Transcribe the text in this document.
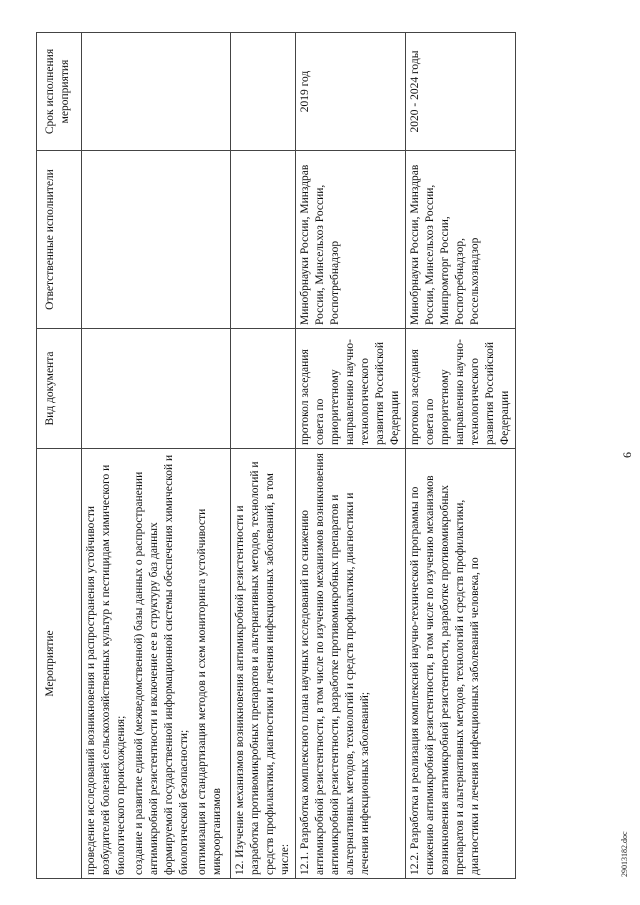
Мероприятие	Вид документа	Ответственные исполнители	Срок исполнения мероприятия

проведение исследований возникновения и распространения устойчивости возбудителей болезней сельскохозяйственных культур к пестицидам химического и биологического происхождения; создание и развитие единой (межведомственной) базы данных о распространении антимикробной резистентности и включение ее в структуру баз данных формируемой государственной информационной системы обеспечения химической и биологической безопасности; оптимизация и стандартизация методов и схем мониторинга устойчивости микроорганизмов			

12. Изучение механизмов возникновения антимикробной резистентности и разработка противомикробных препаратов и альтернативных методов, технологий и средств профилактики, диагностики и лечения инфекционных заболеваний, в том числе:			
12.1. Разработка комплексного плана научных исследований по снижению антимикробной резистентности, в том числе по изучению механизмов возникновения антимикробной резистентности, разработке противомикробных препаратов и альтернативных методов, технологий и средств профилактики, диагностики и лечения инфекционных заболеваний;	протокол заседания совета по приоритетному направлению научно-технологического развития Российской Федерации	Минобрнауки России, Минздрав России, Минсельхоз России, Роспотребнадзор	2019 год
12.2. Разработка и реализация комплексной научно-технической программы по снижению антимикробной резистентности, в том числе по изучению механизмов возникновения антимикробной резистентности, разработке противомикробных препаратов и альтернативных методов, технологий и средств профилактики, диагностики и лечения инфекционных заболеваний человека, по	протокол заседания совета по приоритетному направлению научно-технологического развития Российской Федерации	Минобрнауки России, Минздрав России, Минсельхоз России, Минпромторг России, Роспотребнадзор, Россельхознадзор	2020 - 2024 годы
6
29013182.doc
